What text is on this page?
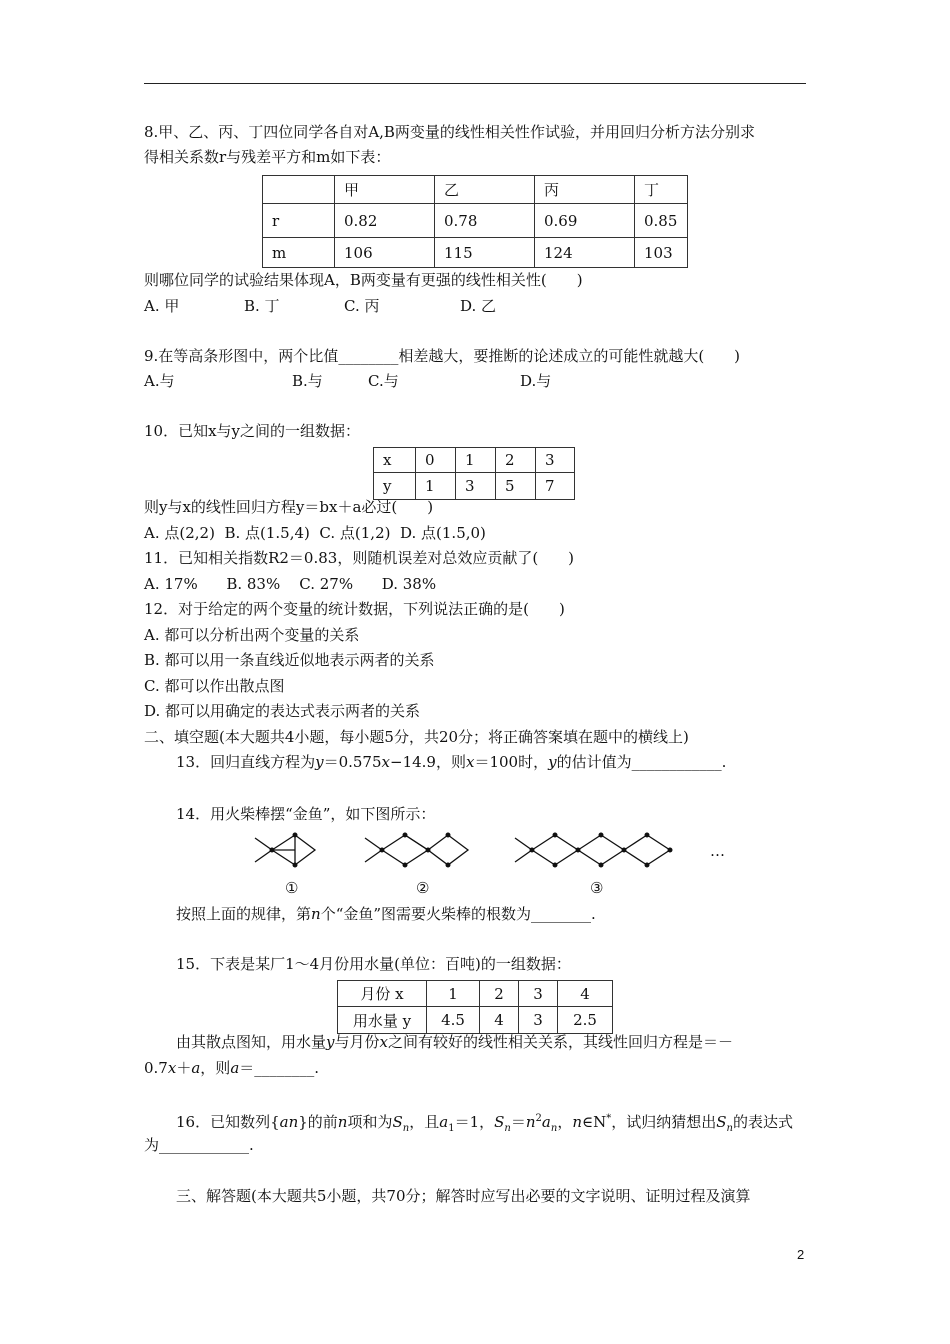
8.甲、乙、丙、丁四位同学各自对A,B两变量的线性相关性作试验，并用回归分析方法分别求
得相关系数r与残差平方和m如下表：
	甲	乙	丙	丁
r	0.82	0.78	0.69	0.85
m	106	115	124	103
则哪位同学的试验结果体现A，B两变量有更强的线性相关性(　　)
A. 甲	B. 丁	C. 丙	D. 乙
9.在等高条形图中，两个比值________相差越大，要推断的论述成立的可能性就越大(　　)
A.与	B.与	C.与	D.与
10．已知x与y之间的一组数据：
x	0	1	2	3
y	1	3	5	7
则y与x的线性回归方程y＝bx＋a必过(　　)
A. 点(2,2)  B. 点(1.5,4)  C. 点(1,2)  D. 点(1.5,0)
11．已知相关指数R2＝0.83，则随机误差对总效应贡献了(　　)
A. 17%      B. 83%    C. 27%      D. 38%
12．对于给定的两个变量的统计数据，下列说法正确的是(　　)
A. 都可以分析出两个变量的关系
B. 都可以用一条直线近似地表示两者的关系
C. 都可以作出散点图
D. 都可以用确定的表达式表示两者的关系
二、填空题(本大题共4小题，每小题5分，共20分；将正确答案填在题中的横线上)
13．回归直线方程为y＝0.575x−14.9，则x＝100时，y的估计值为____________.
14．用火柴棒摆“金鱼”，如下图所示：
…
①	②	③
按照上面的规律，第n个“金鱼”图需要火柴棒的根数为________.
15．下表是某厂1～4月份用水量(单位：百吨)的一组数据：
月份 x	1	2	3	4
用水量 y	4.5	4	3	2.5
由其散点图知，用水量y与月份x之间有较好的线性相关关系，其线性回归方程是＝－
0.7x＋a，则a＝________.
16．已知数列{an}的前n项和为$S_n$，且$a_1=1$，$S_n=n^2a_n$，n∈N*，试归纳猜想出$S_n$的表达式
为____________.
三、解答题(本大题共5小题，共70分；解答时应写出必要的文字说明、证明过程及演算
2
